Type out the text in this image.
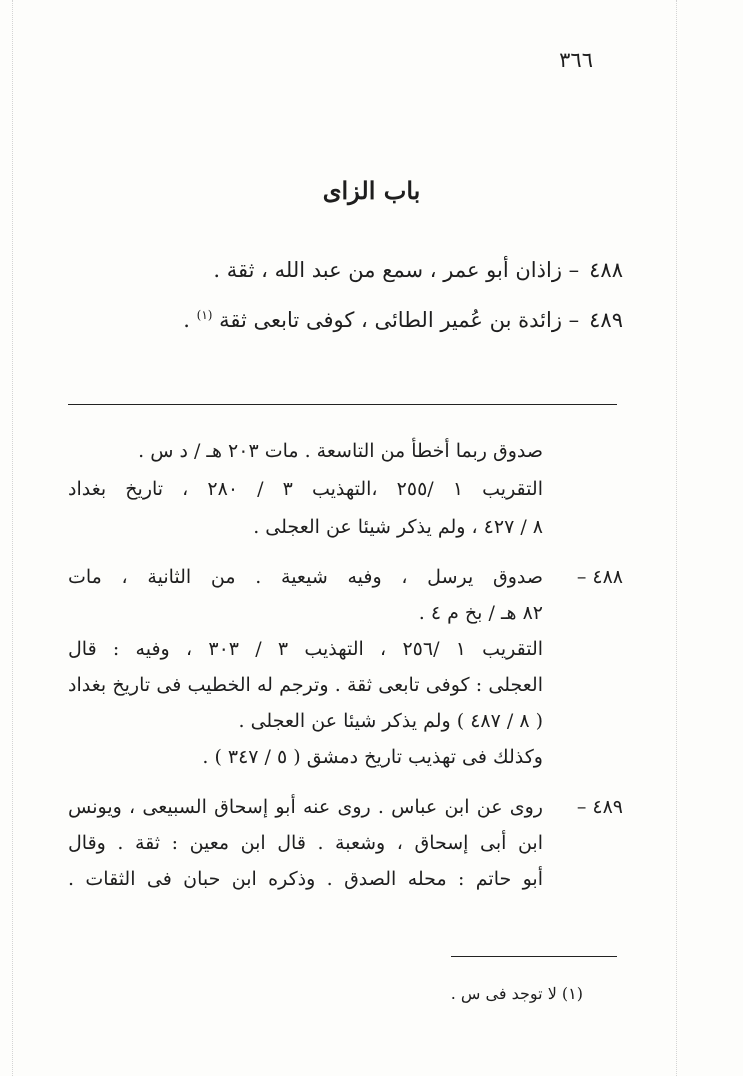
٣٦٦
باب الزاى
٤٨٨– زاذان أبو عمر ، سمع من عبد الله ، ثقة .
٤٨٩– زائدة بن عُمير الطائى ، كوفى تابعى ثقة $^{(١)}$ .
صدوق ربما أخطأ من التاسعة . مات ٢٠٣ هـ / د س .
التقريب ١ /٢٥٥ ،التهذيب ٣ / ٢٨٠ ، تاريخ بغداد
٨ / ٤٢٧ ، ولم يذكر شيئا عن العجلى .
٤٨٨ –
صدوق يرسل ، وفيه شيعية . من الثانية ، مات
٨٢ هـ / بخ م ٤ .
التقريب ١ /٢٥٦ ، التهذيب ٣ / ٣٠٣ ، وفيه : قال
العجلى : كوفى تابعى ثقة . وترجم له الخطيب فى تاريخ بغداد
( ٨ / ٤٨٧ ) ولم يذكر شيئا عن العجلى .
وكذلك فى تهذيب تاريخ دمشق ( ٥ / ٣٤٧ ) .
٤٨٩ –
روى عن ابن عباس . روى عنه أبو إسحاق السبيعى ، ويونس
ابن أبى إسحاق ، وشعبة . قال ابن معين : ثقة . وقال
أبو حاتم : محله الصدق . وذكره ابن حبان فى الثقات .
(١) لا توجد فى س .
